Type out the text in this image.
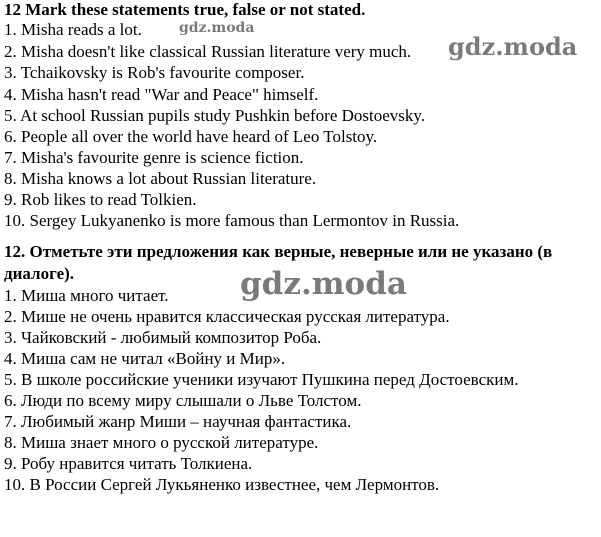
12 Mark these statements true, false or not stated.
1. Misha reads a lot.
2. Misha doesn't like classical Russian literature very much.
3. Tchaikovsky is Rob's favourite composer.
4. Misha hasn't read "War and Peace" himself.
5. At school Russian pupils study Pushkin before Dostoevsky.
6. People all over the world have heard of Leo Tolstoy.
7. Misha's favourite genre is science fiction.
8. Misha knows a lot about Russian literature.
9. Rob likes to read Tolkien.
10. Sergey Lukyanenko is more famous than Lermontov in Russia.
12. Отметьте эти предложения как верные, неверные или не указано (в
диалоге).
1. Миша много читает.
2. Мише не очень нравится классическая русская литература.
3. Чайковский - любимый композитор Роба.
4. Миша сам не читал «Войну и Мир».
5. В школе российские ученики изучают Пушкина перед Достоевским.
6. Люди по всему миру слышали о Льве Толстом.
7. Любимый жанр Миши – научная фантастика.
8. Миша знает много о русской литературе.
9. Робу нравится читать Толкиена.
10. В России Сергей Лукьяненко известнее, чем Лермонтов.
gdz.moda
gdz.moda
gdz.moda
